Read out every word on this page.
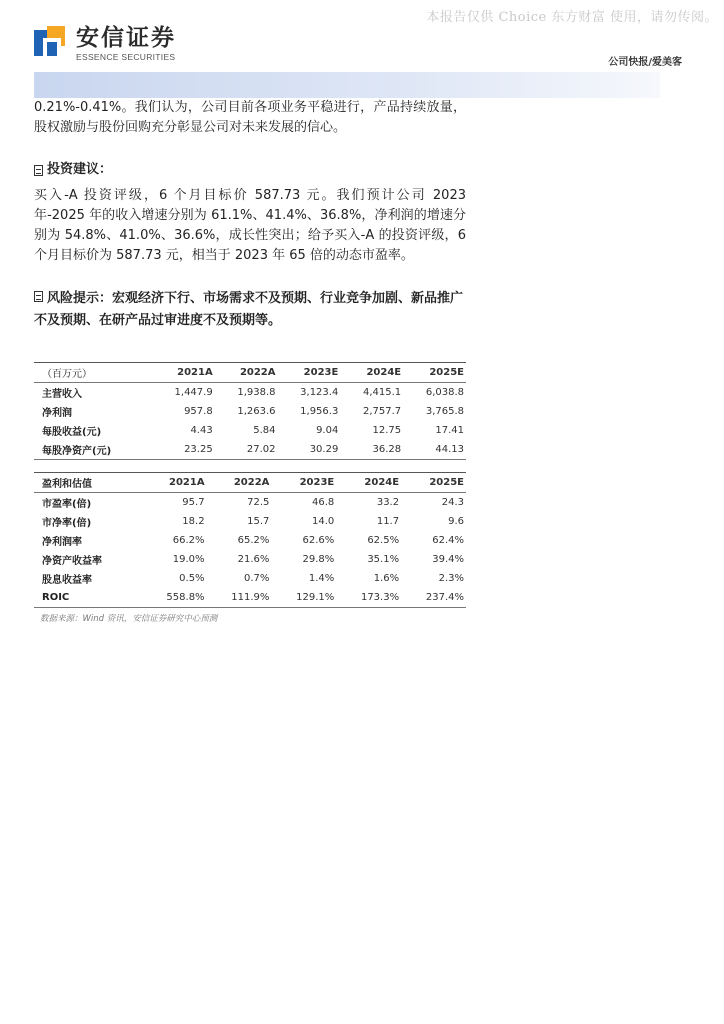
本报告仅供 Choice 东方财富 使用，请勿传阅。
安信证券
ESSENCE SECURITIES
公司快报/爱美客

0.21%-0.41%。我们认为，公司目前各项业务平稳进行，产品持续放量，股权激励与股份回购充分彰显公司对未来发展的信心。

投资建议：

买入-A 投资评级，6 个月目标价 587.73 元。我们预计公司 2023 年-2025 年的收入增速分别为 61.1%、41.4%、36.8%，净利润的增速分别为 54.8%、41.0%、36.6%，成长性突出；给予买入-A 的投资评级，6 个月目标价为 587.73 元，相当于 2023 年 65 倍的动态市盈率。

风险提示：宏观经济下行、市场需求不及预期、行业竞争加剧、新品推广不及预期、在研产品过审进度不及预期等。

（百万元）	2021A	2022A	2023E	2024E	2025E
主营收入	1,447.9	1,938.8	3,123.4	4,415.1	6,038.8
净利润	957.8	1,263.6	1,956.3	2,757.7	3,765.8
每股收益(元)	4.43	5.84	9.04	12.75	17.41
每股净资产(元)	23.25	27.02	30.29	36.28	44.13
盈利和估值	2021A	2022A	2023E	2024E	2025E
市盈率(倍)	95.7	72.5	46.8	33.2	24.3
市净率(倍)	18.2	15.7	14.0	11.7	9.6
净利润率	66.2%	65.2%	62.6%	62.5%	62.4%
净资产收益率	19.0%	21.6%	29.8%	35.1%	39.4%
股息收益率	0.5%	0.7%	1.4%	1.6%	2.3%
ROIC	558.8%	111.9%	129.1%	173.3%	237.4%
数据来源：Wind 资讯，安信证券研究中心预测
